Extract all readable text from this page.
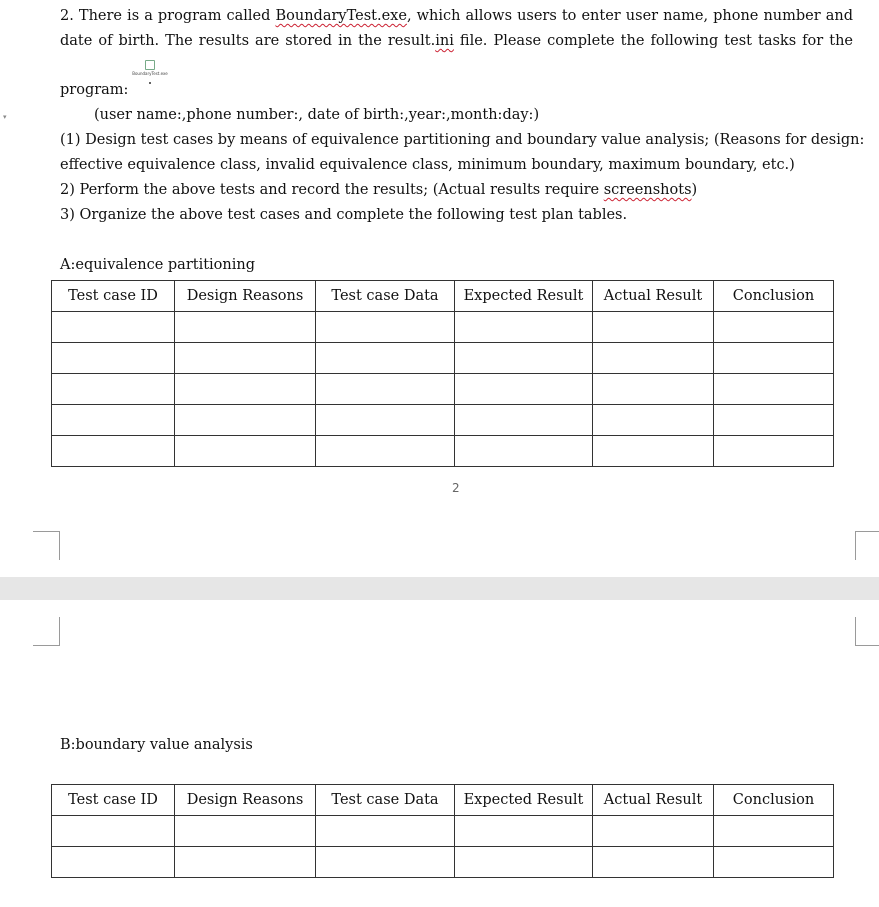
2. There is a program called BoundaryTest.exe, which allows users to enter user name, phone number and
date of birth. The results are stored in the result.ini file. Please complete the following test tasks for the
BoundaryTest.exe
program:
▾	(user name:,phone number:, date of birth:,year:,month:day:)
(1) Design test cases by means of equivalence partitioning and boundary value analysis; (Reasons for design:
effective equivalence class, invalid equivalence class, minimum boundary, maximum boundary, etc.)
2) Perform the above tests and record the results; (Actual results require screenshots)
3) Organize the above test cases and complete the following test plan tables.
A:equivalence partitioning
Test case ID	Design Reasons	Test case Data	Expected Result	Actual Result	Conclusion

2
B:boundary value analysis
Test case ID	Design Reasons	Test case Data	Expected Result	Actual Result	Conclusion
